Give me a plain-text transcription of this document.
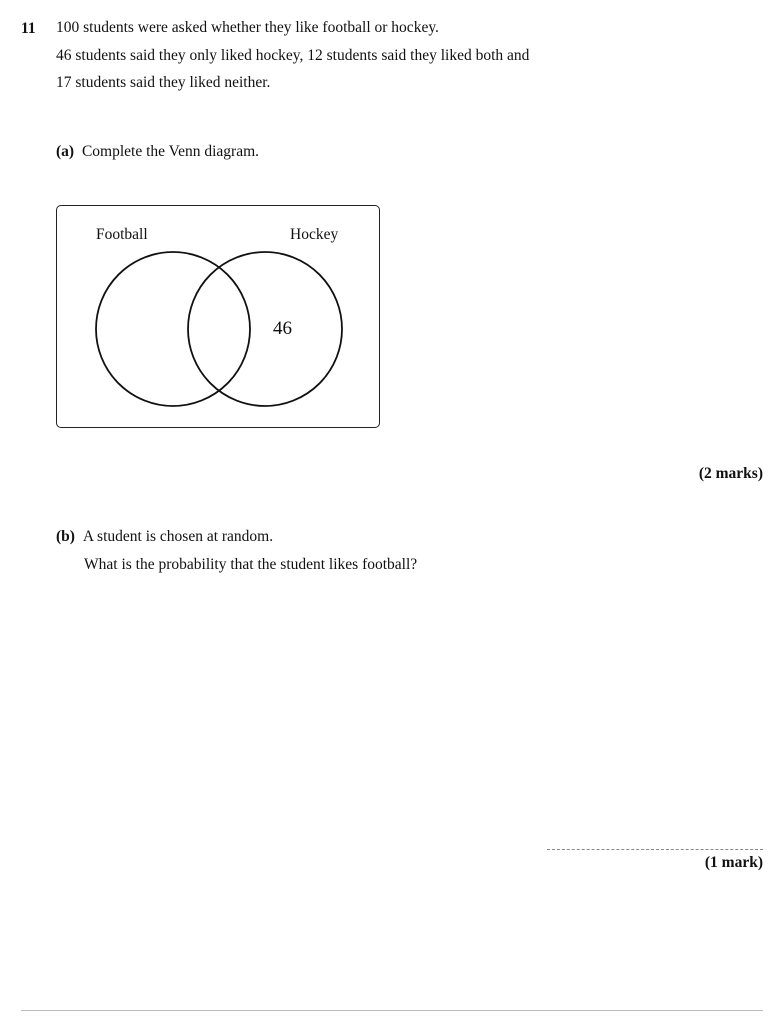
11 100 students were asked whether they like football or hockey.
46 students said they only liked hockey, 12 students said they liked both and
17 students said they liked neither.
(a) Complete the Venn diagram.
Football	Hockey
46
(2 marks)
(b) A student is chosen at random.
What is the probability that the student likes football?
(1 mark)
